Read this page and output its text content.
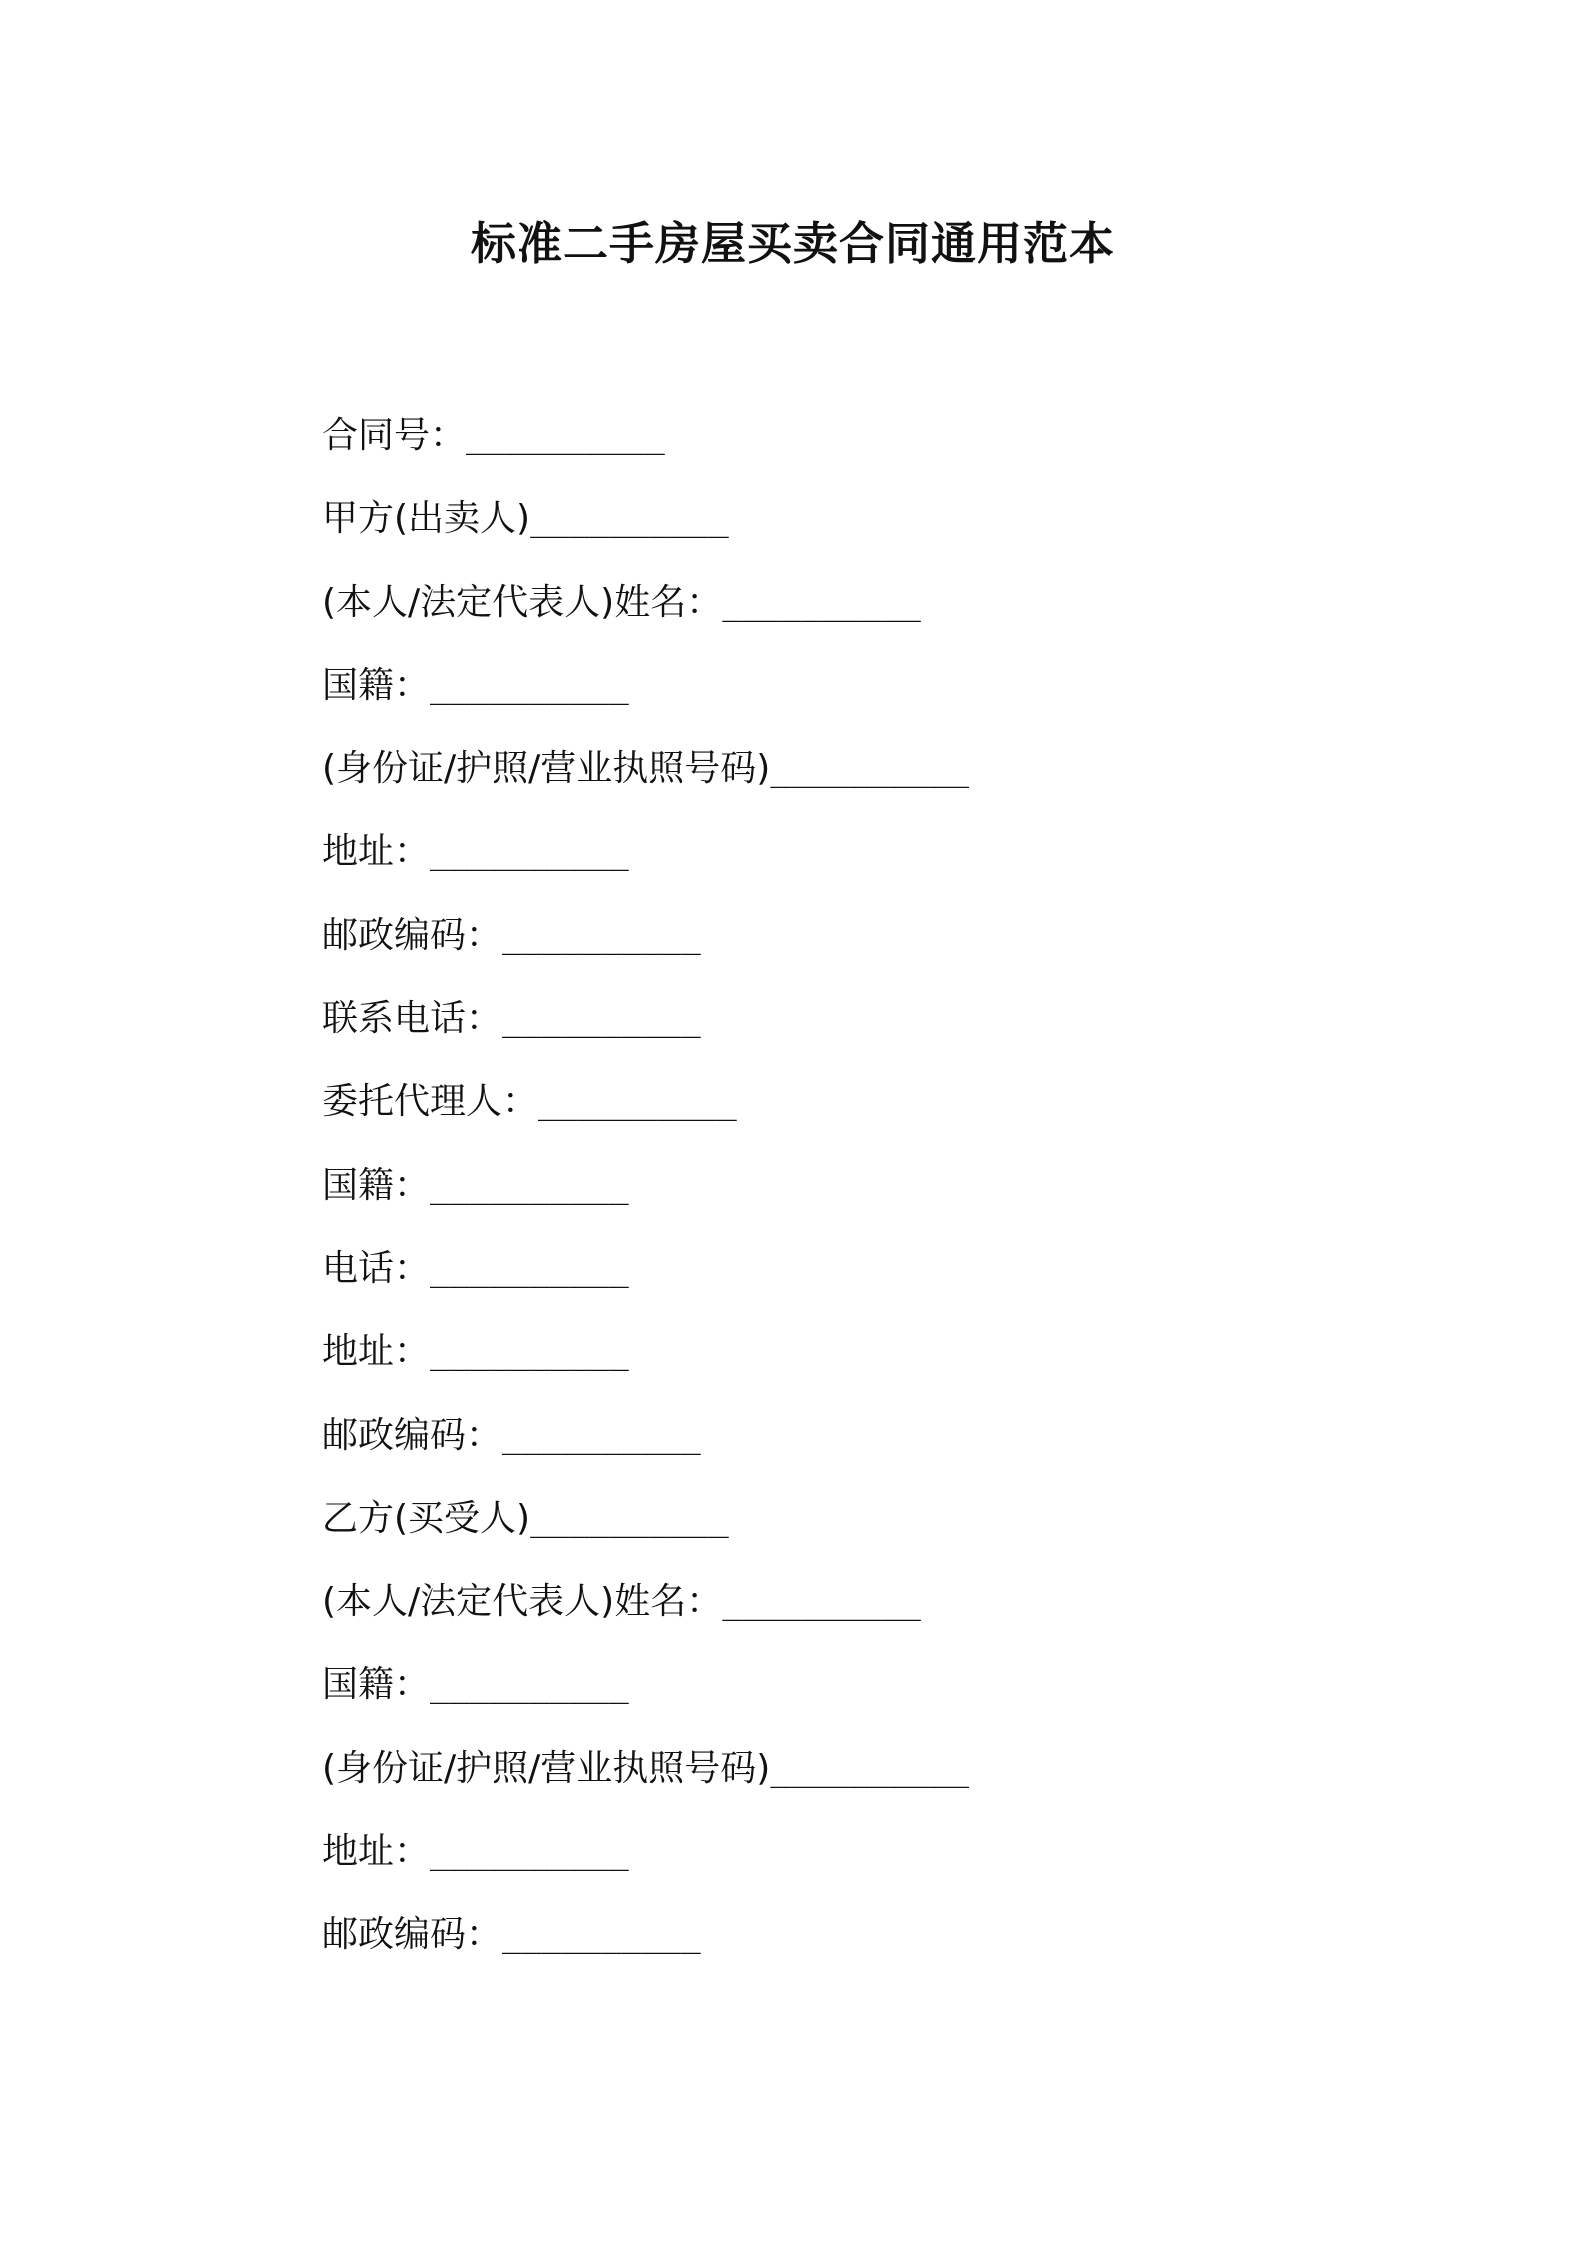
标准二手房屋买卖合同通用范本
合同号：__________
甲方(出卖人)__________
(本人/法定代表人)姓名：__________
国籍：__________
(身份证/护照/营业执照号码)__________
地址：__________
邮政编码：__________
联系电话：__________
委托代理人：__________
国籍：__________
电话：__________
地址：__________
邮政编码：__________
乙方(买受人)__________
(本人/法定代表人)姓名：__________
国籍：__________
(身份证/护照/营业执照号码)__________
地址：__________
邮政编码：__________
